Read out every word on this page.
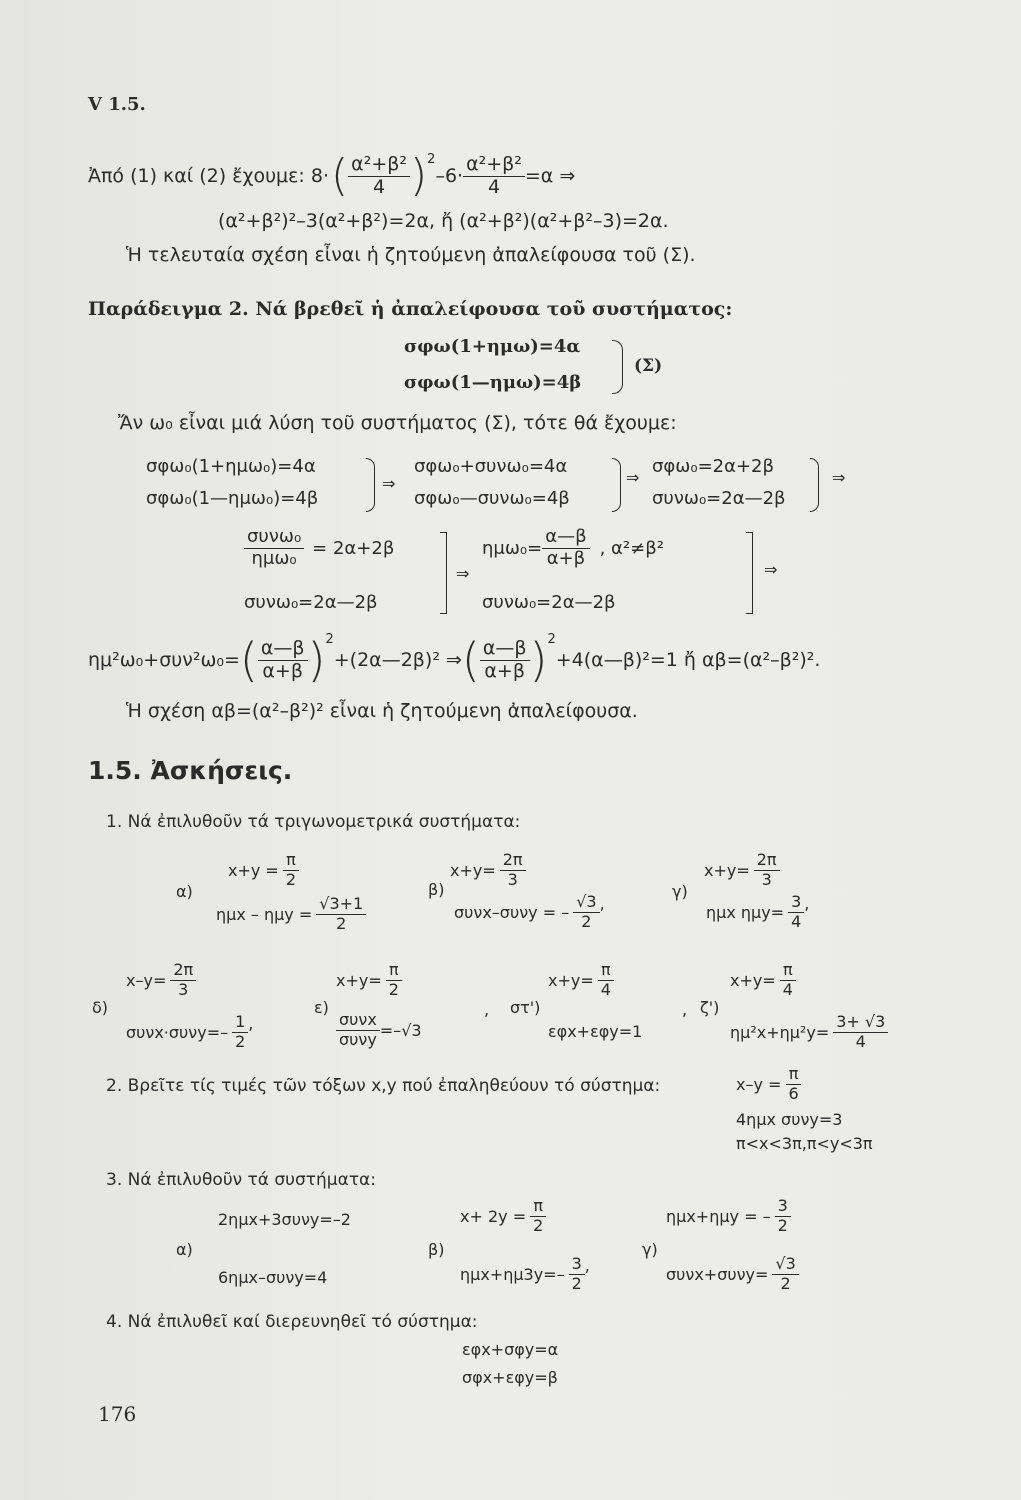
V 1.5.
Ἀπό (1) καί (2) ἔχουμε: 8· ( $\frac{\text{α²+β²}}{4}$ ) 2
$-6\cdot \frac{\text{α²+β²}}{4} =\alpha$ ⇒
(α²+β²)²–3(α²+β²)=2α, ἤ (α²+β²)(α²+β²–3)=2α.
Ἡ τελευταία σχέση εἶναι ἡ ζητούμενη ἀπαλείφουσα τοῦ (Σ).
Παράδειγμα 2. Νά βρεθεῖ ἡ ἀπαλείφουσα τοῦ συστήματος:
σφω(1+ημω)=4α
σφω(1—ημω)=4β
(Σ)
Ἄν ω₀ εἶναι μιά λύση τοῦ συστήματος (Σ), τότε θά ἔχουμε:
σφω₀(1+ημω₀)=4α
σφω₀(1—ημω₀)=4β
⇒
σφω₀+συνω₀=4α
σφω₀—συνω₀=4β
⇒
σφω₀=2α+2β
συνω₀=2α—2β
⇒
$\frac{\text{συνω₀}}{\text{ημω₀}} = 2\alpha+2\beta$
συνω₀=2α—2β
⇒
$\eta\mu\omega_0= \frac{\alpha—\beta}{\alpha+\beta}$ , α²≠β²
συνω₀=2α—2β
⇒
ημ²ω₀+συν²ω₀= ( $\frac{\alpha—\beta}{\alpha+\beta}$ ) 2
+(2α—2β)² ⇒ ( $\frac{\alpha—\beta}{\alpha+\beta}$ ) 2
+4(α—β)²=1 ἤ αβ=(α²–β²)².
Ἡ σχέση αβ=(α²–β²)² εἶναι ἡ ζητούμενη ἀπαλείφουσα.
1.5. Ἀσκήσεις.
1. Νά ἐπιλυθοῦν τά τριγωνομετρικά συστήματα:
$x+y = \frac{\pi}{2}$
α)
$\eta\mu x - \eta\mu y = \frac{√3+1}{2}$
$x+y= \frac{2\pi}{3}$
β)
συνx–συνy = – $\frac{√3}{2}$ ,
$x+y= \frac{2\pi}{3}$
γ)
ημx $\eta\mu y= \frac{3}{4}$ ,
$x-y= \frac{2\pi}{3}$
δ)
$\sigma\upsilon\nu x\cdot\sigma\upsilon\nu y=- \frac{1}{2}$ ,
$x+y= \frac{\pi}{2}$
ε)
$\frac{\text{συνx}}{\text{συνy}} =-√3$
,
$x+y= \frac{\pi}{4}$
στ')
εφx+εφy=1
,
$x+y= \frac{\pi}{4}$
ζ')
$\eta\mu^2x+\eta\mu^2y= \frac{3+ √3}{4}$
2. Βρεῖτε τίς τιμές τῶν τόξων x,y πού ἐπαληθεύουν τό σύστημα:	$x-y = \frac{\pi}{6}$
4ημx συνy=3
π<x<3π,π<y<3π
3. Νά ἐπιλυθοῦν τά συστήματα:
2ημx+3συνy=–2
α)
6ημx–συνy=4
$x+ 2y = \frac{\pi}{2}$
β)
$\eta\mu x+\eta\mu 3y=- \frac{3}{2}$ ,
ημx+ημy = – $\frac{3}{2}$
γ)
$\sigma\upsilon\nu x+\sigma\upsilon\nu y= \frac{√3}{2}$
4. Νά ἐπιλυθεῖ καί διερευνηθεῖ τό σύστημα:
εφx+σφy=α
σφx+εφy=β
176
